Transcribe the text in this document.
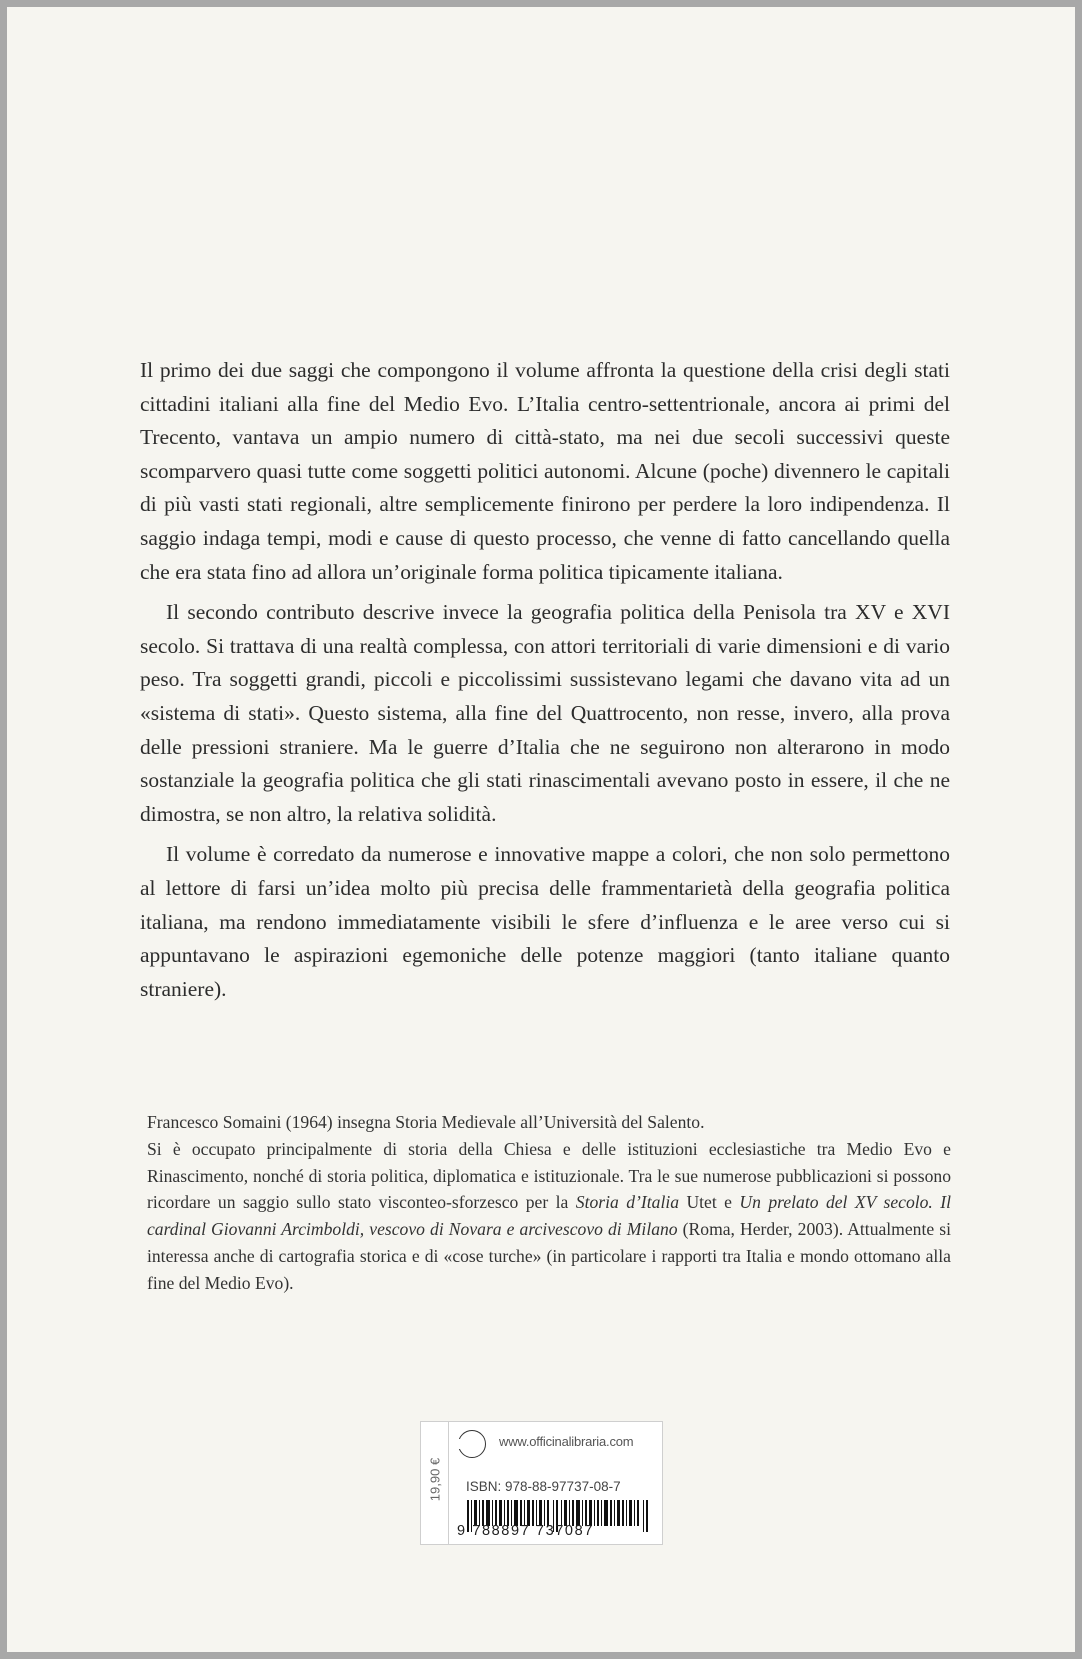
Il primo dei due saggi che compongono il volume affronta la questione della crisi degli stati cittadini italiani alla fine del Medio Evo. L’Italia centro-settentrionale, ancora ai primi del Trecento, vantava un ampio numero di città-stato, ma nei due secoli successivi queste scomparvero quasi tutte come soggetti politici autonomi. Alcune (poche) divennero le capitali di più vasti stati regionali, altre semplicemente finirono per perdere la loro indipendenza. Il saggio indaga tempi, modi e cause di questo processo, che venne di fatto cancellando quella che era stata fino ad allora un’originale forma politica tipicamente italiana.

Il secondo contributo descrive invece la geografia politica della Penisola tra XV e XVI secolo. Si trattava di una realtà complessa, con attori territoriali di varie dimensioni e di vario peso. Tra soggetti grandi, piccoli e piccolissimi sussistevano legami che davano vita ad un «sistema di stati». Questo sistema, alla fine del Quattrocento, non resse, invero, alla prova delle pressioni straniere. Ma le guerre d’Italia che ne seguirono non alterarono in modo sostanziale la geografia politica che gli stati rinascimentali avevano posto in essere, il che ne dimostra, se non altro, la relativa solidità.

Il volume è corredato da numerose e innovative mappe a colori, che non solo permettono al lettore di farsi un’idea molto più precisa delle frammentarietà della geografia politica italiana, ma rendono immediatamente visibili le sfere d’influenza e le aree verso cui si appuntavano le aspirazioni egemoniche delle potenze maggiori (tanto italiane quanto straniere).

Francesco Somaini (1964) insegna Storia Medievale all’Università del Salento.

Si è occupato principalmente di storia della Chiesa e delle istituzioni ecclesiastiche tra Medio Evo e Rinascimento, nonché di storia politica, diplomatica e istituzionale. Tra le sue numerose pubblicazioni si possono ricordare un saggio sullo stato visconteo-sforzesco per la Storia d’Italia Utet e Un prelato del XV secolo. Il cardinal Giovanni Arcimboldi, vescovo di Novara e arcivescovo di Milano (Roma, Herder, 2003). Attualmente si interessa anche di cartografia storica e di «cose turche» (in particolare i rapporti tra Italia e mondo ottomano alla fine del Medio Evo).

19,90 €
www.officinalibraria.com
ISBN: 978-88-97737-08-7
9 788897 737087
